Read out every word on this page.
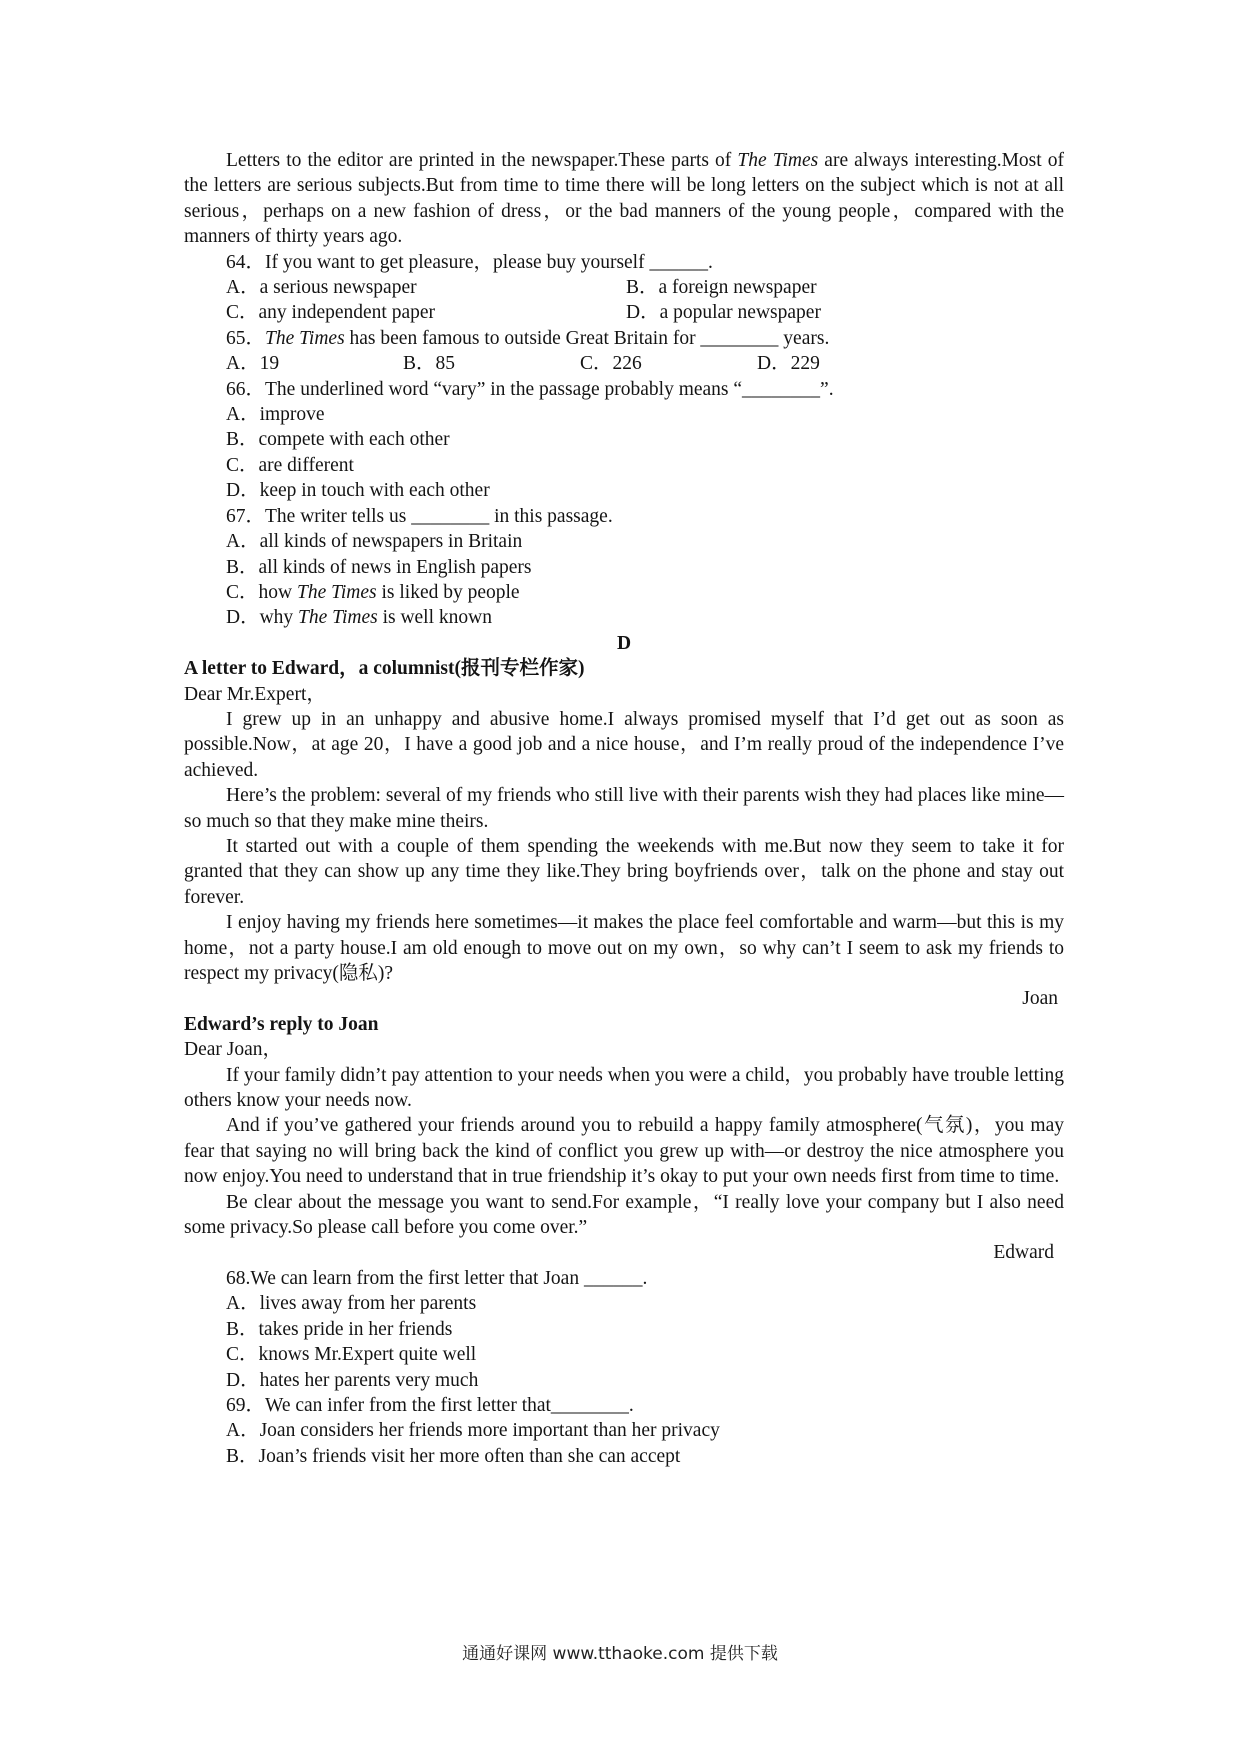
Letters to the editor are printed in the newspaper.These parts of The Times are always interesting.Most of the letters are serious subjects.But from time to time there will be long letters on the subject which is not at all serious，perhaps on a new fashion of dress，or the bad manners of the young people，compared with the manners of thirty years ago.

64．If you want to get pleasure，please buy yourself ______.

A．a serious newspaper	B．a foreign newspaper
C．any independent paper	D．a popular newspaper

65．The Times has been famous to outside Great Britain for ________ years.

A．19	B．85	C．226	D．229

66．The underlined word “vary” in the passage probably means “________”.

A．improve

B．compete with each other

C．are different

D．keep in touch with each other

67．The writer tells us ________ in this passage.

A．all kinds of newspapers in Britain

B．all kinds of news in English papers

C．how The Times is liked by people

D．why The Times is well known

D

A letter to Edward，a columnist(报刊专栏作家)

Dear Mr.Expert，

I grew up in an unhappy and abusive home.I always promised myself that I’d get out as soon as possible.Now，at age 20，I have a good job and a nice house，and I’m really proud of the independence I’ve achieved.

Here’s the problem: several of my friends who still live with their parents wish they had places like mine—so much so that they make mine theirs.

It started out with a couple of them spending the weekends with me.But now they seem to take it for granted that they can show up any time they like.They bring boyfriends over，talk on the phone and stay out forever.

I enjoy having my friends here sometimes—it makes the place feel comfortable and warm—but this is my home，not a party house.I am old enough to move out on my own，so why can’t I seem to ask my friends to respect my privacy(隐私)?

Joan

Edward’s reply to Joan

Dear Joan，

If your family didn’t pay attention to your needs when you were a child，you probably have trouble letting others know your needs now.

And if you’ve gathered your friends around you to rebuild a happy family atmosphere(气氛)，you may fear that saying no will bring back the kind of conflict you grew up with—or destroy the nice atmosphere you now enjoy.You need to understand that in true friendship it’s okay to put your own needs first from time to time.

Be clear about the message you want to send.For example，“I really love your company but I also need some privacy.So please call before you come over.”

Edward

68.We can learn from the first letter that Joan ______.

A．lives away from her parents

B．takes pride in her friends

C．knows Mr.Expert quite well

D．hates her parents very much

69．We can infer from the first letter that________.

A．Joan considers her friends more important than her privacy

B．Joan’s friends visit her more often than she can accept

通通好课网 www.tthaoke.com 提供下载
